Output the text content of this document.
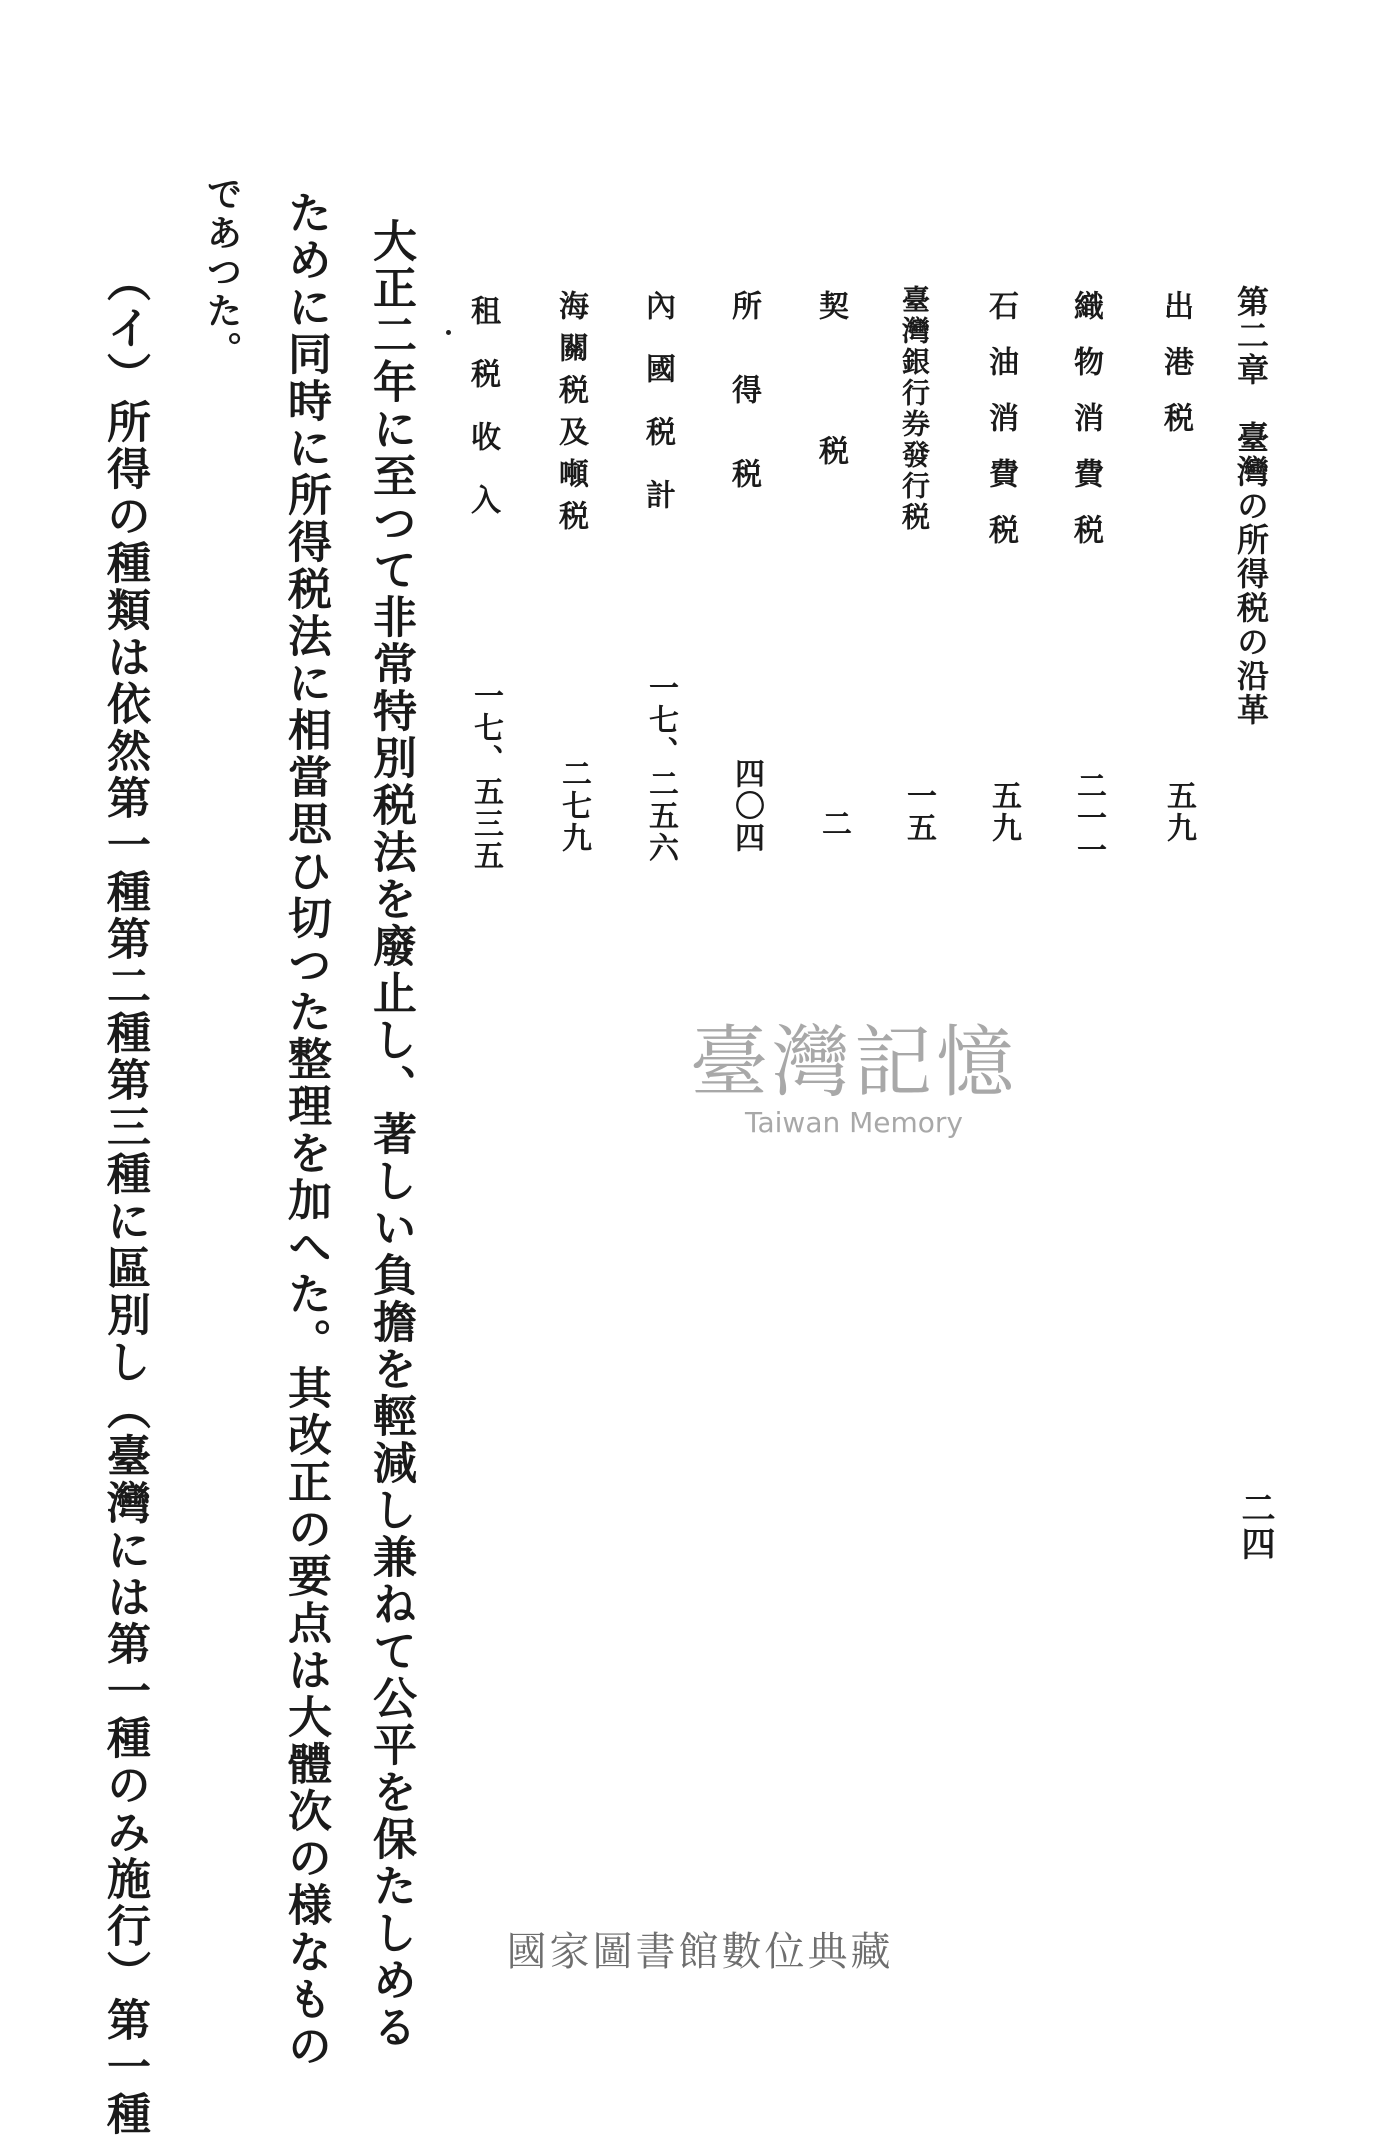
第二章　臺灣の所得税の沿革
二四
出港税
五九
織物消費税
二一一
石油消費税
五九
臺灣銀行券發行税
一五
契税
二
所得税
四〇四
內國税計
一七、二五六
海關税及噸税
二七九
租税收入
一七、五三五
大正二年に至つて非常特別税法を廢止し、著しい負擔を輕減し兼ねて公平を保たしめる
ために同時に所得税法に相當思ひ切つた整理を加へた。其改正の要点は大體次の様なもの
であつた。
（イ）所得の種類は依然第一種第二種第三種に區別し（臺灣には第一種のみ施行）第一種	臺灣記憶
Taiwan Memory
國家圖書館數位典藏
